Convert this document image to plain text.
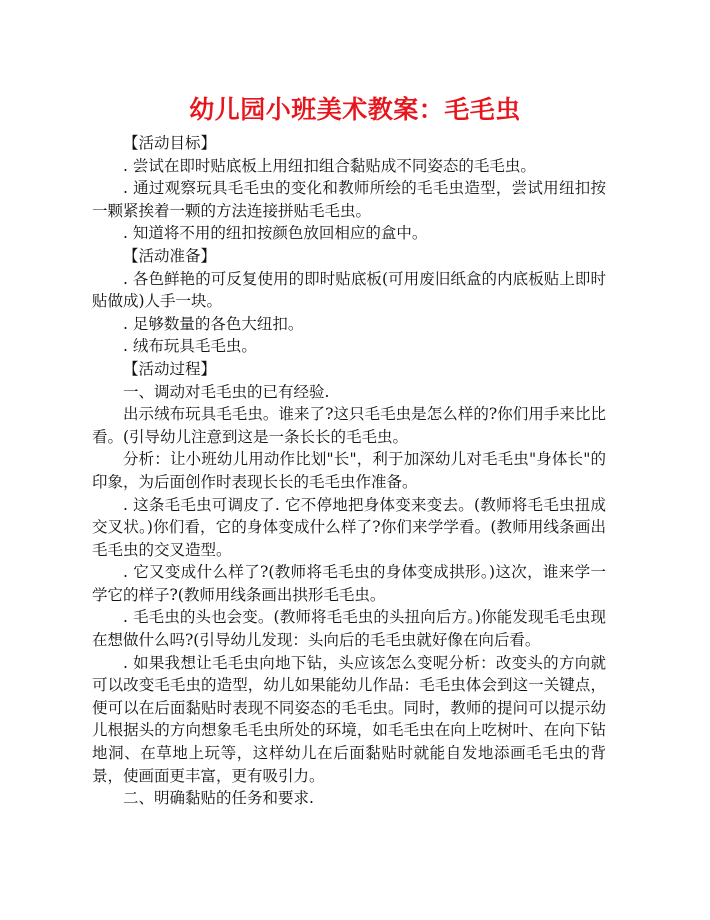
幼儿园小班美术教案：毛毛虫

【活动目标】

. 尝试在即时贴底板上用纽扣组合黏贴成不同姿态的毛毛虫。

. 通过观察玩具毛毛虫的变化和教师所绘的毛毛虫造型，尝试用纽扣按一颗紧挨着一颗的方法连接拼贴毛毛虫。

. 知道将不用的纽扣按颜色放回相应的盒中。

【活动准备】

. 各色鲜艳的可反复使用的即时贴底板(可用废旧纸盒的内底板贴上即时贴做成)人手一块。

. 足够数量的各色大纽扣。

. 绒布玩具毛毛虫。

【活动过程】

一、调动对毛毛虫的已有经验.

出示绒布玩具毛毛虫。谁来了?这只毛毛虫是怎么样的?你们用手来比比看。(引导幼儿注意到这是一条长长的毛毛虫。

分析：让小班幼儿用动作比划"长"，利于加深幼儿对毛毛虫"身体长"的印象，为后面创作时表现长长的毛毛虫作准备。

. 这条毛毛虫可调皮了. 它不停地把身体变来变去。(教师将毛毛虫扭成交叉状。)你们看，它的身体变成什么样了?你们来学学看。(教师用线条画出毛毛虫的交叉造型。

. 它又变成什么样了?(教师将毛毛虫的身体变成拱形。)这次，谁来学一学它的样子?(教师用线条画出拱形毛毛虫。

. 毛毛虫的头也会变。(教师将毛毛虫的头扭向后方。)你能发现毛毛虫现在想做什么吗?(引导幼儿发现：头向后的毛毛虫就好像在向后看。

. 如果我想让毛毛虫向地下钻，头应该怎么变呢分析：改变头的方向就可以改变毛毛虫的造型，幼儿如果能幼儿作品：毛毛虫体会到这一关键点，便可以在后面黏贴时表现不同姿态的毛毛虫。同时，教师的提问可以提示幼儿根据头的方向想象毛毛虫所处的环境，如毛毛虫在向上吃树叶、在向下钻地洞、在草地上玩等，这样幼儿在后面黏贴时就能自发地添画毛毛虫的背景，使画面更丰富，更有吸引力。

二、明确黏贴的任务和要求.
